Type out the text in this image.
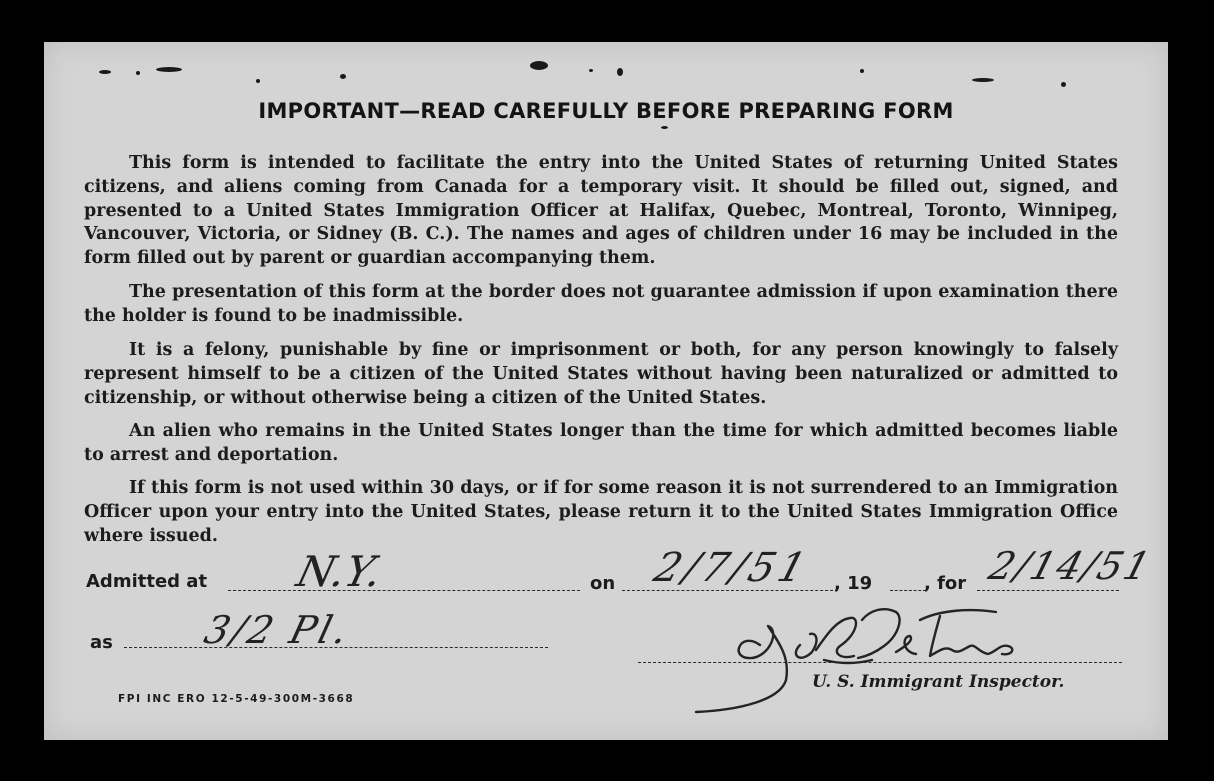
IMPORTANT—READ CAREFULLY BEFORE PREPARING FORM
This form is intended to facilitate the entry into the United States of returning United States citizens, and aliens coming from Canada for a temporary visit. It should be filled out, signed, and presented to a United States Immigration Officer at Halifax, Quebec, Montreal, Toronto, Winnipeg, Vancouver, Victoria, or Sidney (B. C.). The names and ages of children under 16 may be included in the form filled out by parent or guardian accompanying them.
The presentation of this form at the border does not guarantee admission if upon examination there the holder is found to be inadmissible.
It is a felony, punishable by fine or imprisonment or both, for any person knowingly to falsely represent himself to be a citizen of the United States without having been naturalized or admitted to citizenship, or without otherwise being a citizen of the United States.
An alien who remains in the United States longer than the time for which admitted becomes liable to arrest and deportation.
If this form is not used within 30 days, or if for some reason it is not surrendered to an Immigration Officer upon your entry into the United States, please return it to the United States Immigration Office where issued.
Admitted at N.Y.	on 2/7/51 , 19	, for 2/14/51
as 3/2 Pl.
U. S. Immigrant Inspector.
FPI INC ERO 12-5-49-300M-3668
